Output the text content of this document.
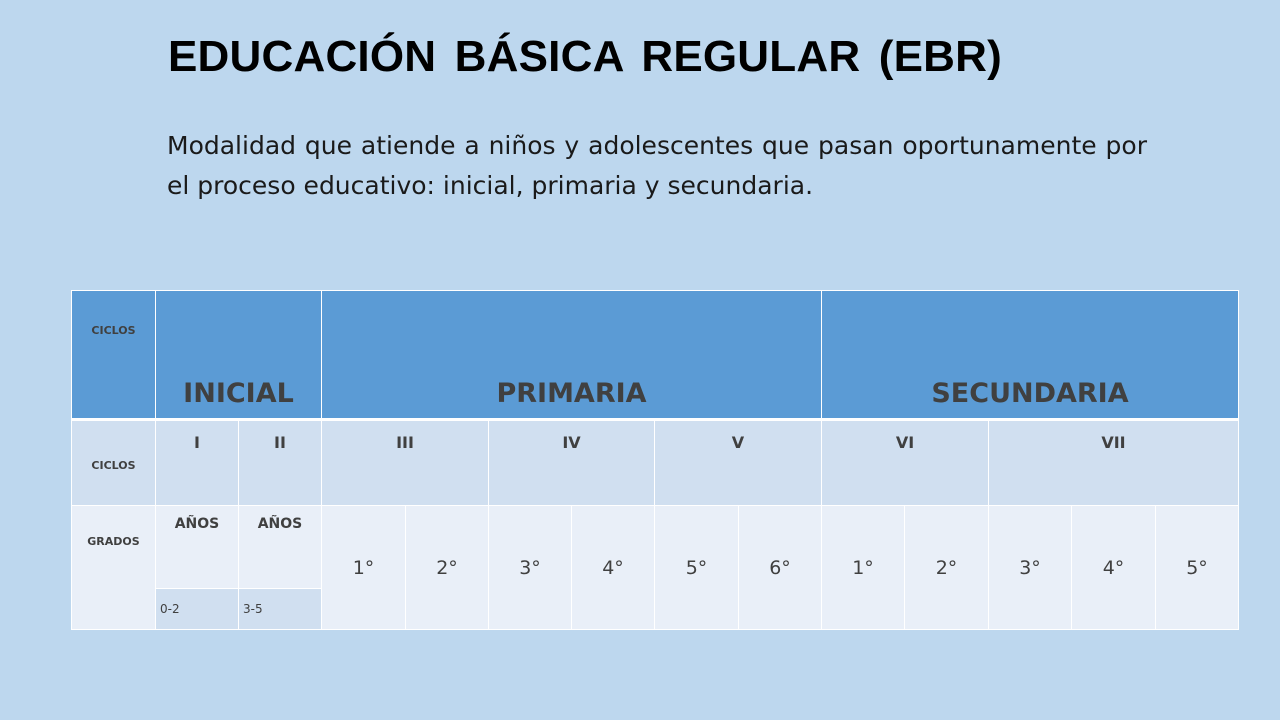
EDUCACIÓN BÁSICA REGULAR (EBR)

Modalidad que atiende a niños y adolescentes que pasan oportunamente por el proceso educativo: inicial, primaria y secundaria.

CICLOS	INICIAL		PRIMARIA						SECUNDARIA				
CICLOS	I	II	III		IV		V		VI		VII		
GRADOS	AÑOS	AÑOS	1°	2°	3°	4°	5°	6°	1°	2°	3°	4°	5°
	0-2	3-5											
